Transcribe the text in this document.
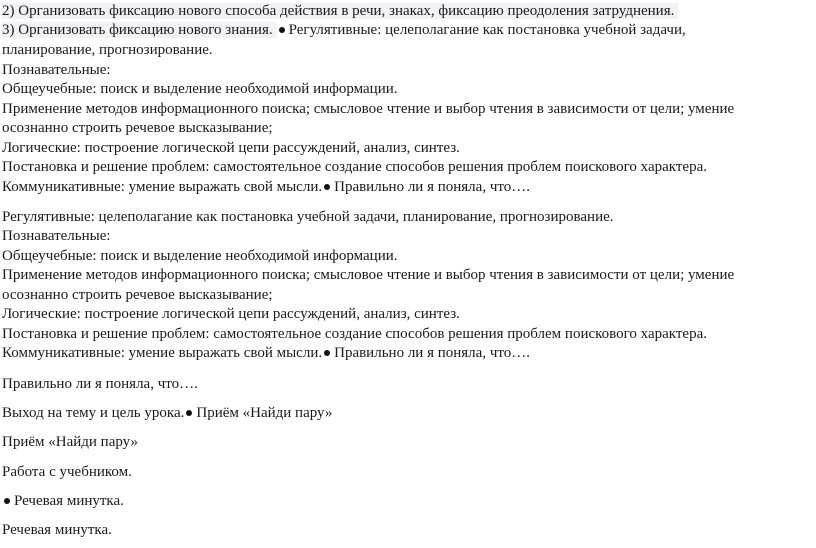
2) Организовать фиксацию нового способа действия в речи, знаках, фиксацию преодоления затруднения.
3) Организовать фиксацию нового знания. Регулятивные: целеполагание как постановка учебной задачи,
планирование, прогнозирование.
Познавательные:
Общеучебные: поиск и выделение необходимой информации.
Применение методов информационного поиска; смысловое чтение и выбор чтения в зависимости от цели; умение
осознанно строить речевое высказывание;
Логические: построение логической цепи рассуждений, анализ, синтез.
Постановка и решение проблем: самостоятельное создание способов решения проблем поискового характера.
Коммуникативные: умение выражать свой мысли. Правильно ли я поняла, что….
Регулятивные: целеполагание как постановка учебной задачи, планирование, прогнозирование.
Познавательные:
Общеучебные: поиск и выделение необходимой информации.
Применение методов информационного поиска; смысловое чтение и выбор чтения в зависимости от цели; умение
осознанно строить речевое высказывание;
Логические: построение логической цепи рассуждений, анализ, синтез.
Постановка и решение проблем: самостоятельное создание способов решения проблем поискового характера.
Коммуникативные: умение выражать свой мысли. Правильно ли я поняла, что….
Правильно ли я поняла, что….
Выход на тему и цель урока. Приём «Найди пару»
Приём «Найди пару»
Работа с учебником.
Речевая минутка.
Речевая минутка.
